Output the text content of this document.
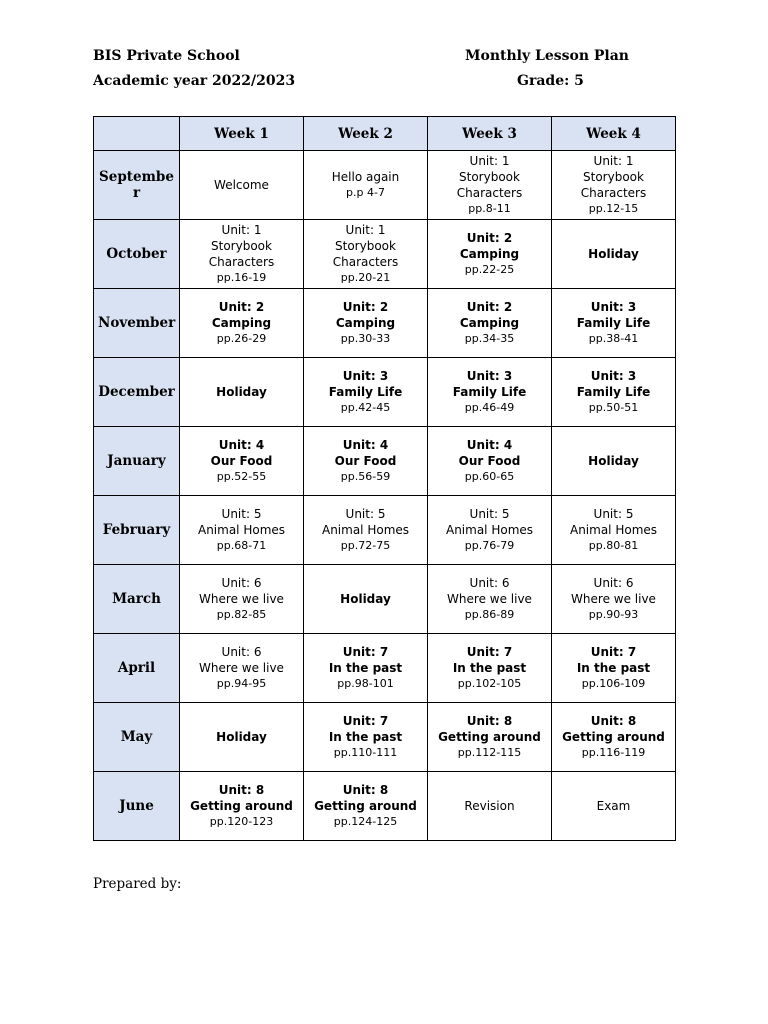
BIS Private School
Academic year 2022/2023
Monthly Lesson Plan
Grade: 5
	Week 1	Week 2	Week 3	Week 4
Septembe r	Welcome	Hello again
p.p 4-7	Unit: 1
Storybook Characters
pp.8-11	Unit: 1
Storybook Characters
pp.12-15

October	Unit: 1
Storybook Characters
pp.16-19	Unit: 1
Storybook Characters
pp.20-21	Unit: 2
Camping
pp.22-25	Holiday

November	Unit: 2
Camping
pp.26-29	Unit: 2
Camping
pp.30-33	Unit: 2
Camping
pp.34-35	Unit: 3
Family Life
pp.38-41

December	Holiday	Unit: 3
Family Life
pp.42-45	Unit: 3
Family Life
pp.46-49	Unit: 3
Family Life
pp.50-51

January	Unit: 4
Our Food
pp.52-55	Unit: 4
Our Food
pp.56-59	Unit: 4
Our Food
pp.60-65	Holiday

February	Unit: 5
Animal Homes
pp.68-71	Unit: 5
Animal Homes
pp.72-75	Unit: 5
Animal Homes
pp.76-79	Unit: 5
Animal Homes
pp.80-81

March	Unit: 6
Where we live
pp.82-85	Holiday	Unit: 6
Where we live
pp.86-89	Unit: 6
Where we live
pp.90-93

April	Unit: 6
Where we live
pp.94-95	Unit: 7
In the past
pp.98-101	Unit: 7
In the past
pp.102-105	Unit: 7
In the past
pp.106-109

May	Holiday	Unit: 7
In the past
pp.110-111	Unit: 8
Getting around
pp.112-115	Unit: 8
Getting around
pp.116-119

June	Unit: 8
Getting around
pp.120-123	Unit: 8
Getting around
pp.124-125	Revision	Exam
Prepared by:
